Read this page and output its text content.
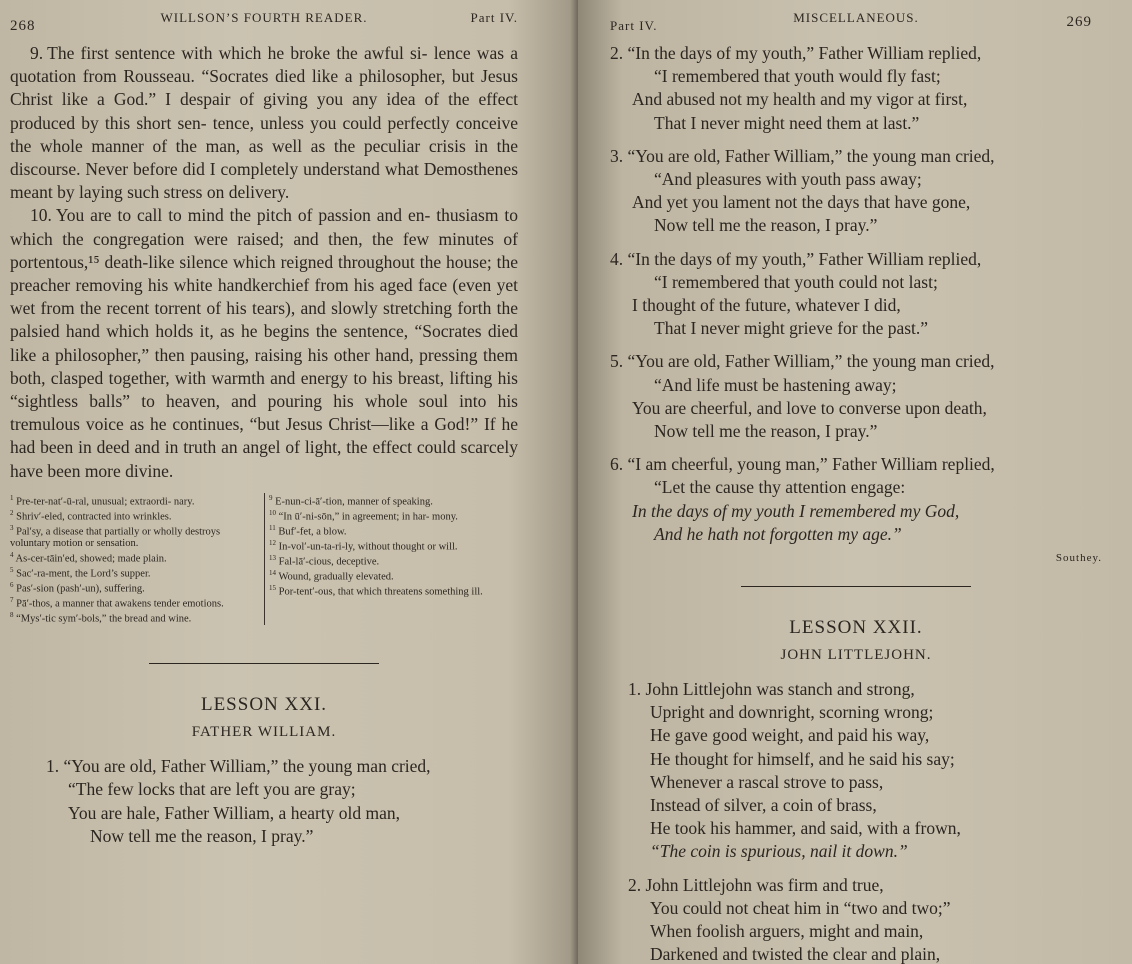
268
WILLSON’S FOURTH READER.	Part IV.

9. The first sentence with which he broke the awful si- lence was a quotation from Rousseau. “Socrates died like a philosopher, but Jesus Christ like a God.” I despair of giving you any idea of the effect produced by this short sen- tence, unless you could perfectly conceive the whole manner of the man, as well as the peculiar crisis in the discourse. Never before did I completely understand what Demosthenes meant by laying such stress on delivery.

10. You are to call to mind the pitch of passion and en- thusiasm to which the congregation were raised; and then, the few minutes of portentous,¹⁵ death-like silence which reigned throughout the house; the preacher removing his white handkerchief from his aged face (even yet wet from the recent torrent of his tears), and slowly stretching forth the palsied hand which holds it, as he begins the sentence, “Socrates died like a philosopher,” then pausing, raising his other hand, pressing them both, clasped together, with warmth and energy to his breast, lifting his “sightless balls” to heaven, and pouring his whole soul into his tremulous voice as he continues, “but Jesus Christ—like a God!” If he had been in deed and in truth an angel of light, the effect could scarcely have been more divine.

$^1$ Pre-ter-nat′-ū-ral, unusual; extraordi- nary.

$^2$ Shriv′-eled, contracted into wrinkles.

$^3$ Pal′sy, a disease that partially or wholly destroys voluntary motion or sensation.

$^4$ As-cer-tāin′ed, showed; made plain.

$^5$ Sac′-ra-ment, the Lord’s supper.

$^6$ Pas′-sion (pash′-un), suffering.

$^7$ Pā′-thos, a manner that awakens tender emotions.

$^8$ “Mys′-tic sym′-bols,” the bread and wine.

$^9$ E-nun-ci-ā′-tion, manner of speaking.

$^{10}$ “In ū′-ni-sōn,” in agreement; in har- mony.

$^{11}$ Buf′-fet, a blow.

$^{12}$ In-vol′-un-ta-ri-ly, without thought or will.

$^{13}$ Fal-lā′-cious, deceptive.

$^{14}$ Wound, gradually elevated.

$^{15}$ Por-tent′-ous, that which threatens something ill.

LESSON XXI.

FATHER WILLIAM.

1. “You are old, Father William,” the young man cried,

“The few locks that are left you are gray;

You are hale, Father William, a hearty old man,

Now tell me the reason, I pray.”

Part IV.
MISCELLANEOUS.	269

2. “In the days of my youth,” Father William replied,

“I remembered that youth would fly fast;

And abused not my health and my vigor at first,

That I never might need them at last.”

3. “You are old, Father William,” the young man cried,

“And pleasures with youth pass away;

And yet you lament not the days that have gone,

Now tell me the reason, I pray.”

4. “In the days of my youth,” Father William replied,

“I remembered that youth could not last;

I thought of the future, whatever I did,

That I never might grieve for the past.”

5. “You are old, Father William,” the young man cried,

“And life must be hastening away;

You are cheerful, and love to converse upon death,

Now tell me the reason, I pray.”

6. “I am cheerful, young man,” Father William replied,

“Let the cause thy attention engage:

In the days of my youth I remembered my God,

And he hath not forgotten my age.”

Southey.

LESSON XXII.

JOHN LITTLEJOHN.

1. John Littlejohn was stanch and strong,

Upright and downright, scorning wrong;

He gave good weight, and paid his way,

He thought for himself, and he said his say;

Whenever a rascal strove to pass,

Instead of silver, a coin of brass,

He took his hammer, and said, with a frown,

“The coin is spurious, nail it down.”

2. John Littlejohn was firm and true,

You could not cheat him in “two and two;”

When foolish arguers, might and main,

Darkened and twisted the clear and plain,
